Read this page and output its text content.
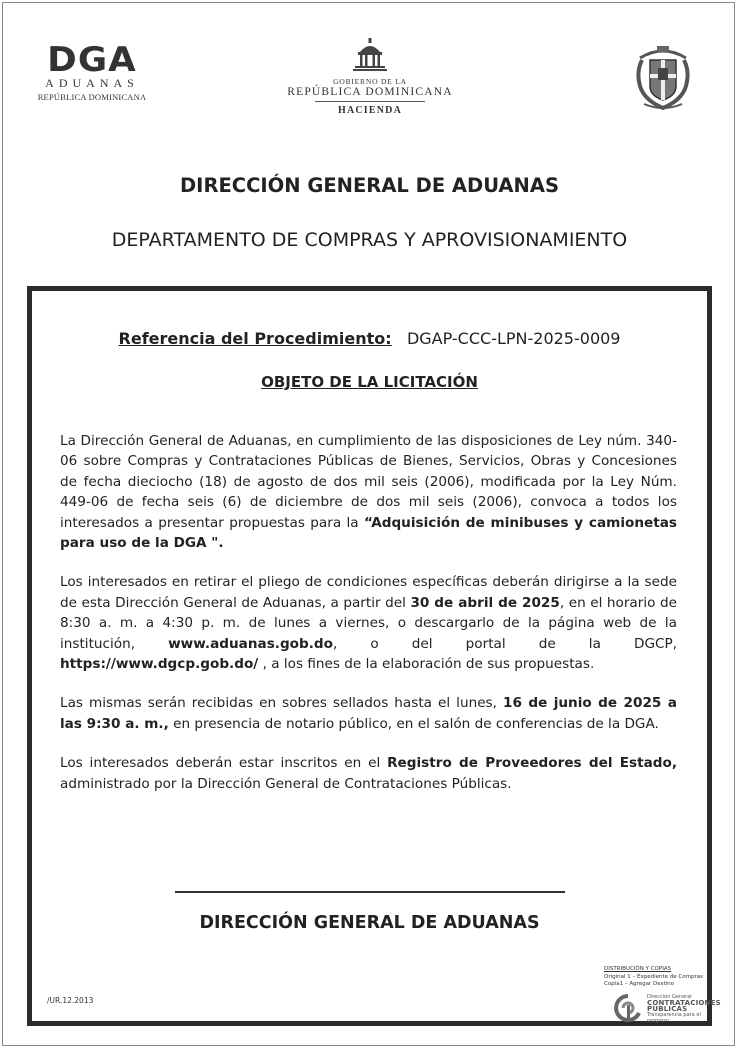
DGA
ADUANAS
REPÚBLICA DOMINICANA
GOBIERNO DE LA
REPÚBLICA DOMINICANA
HACIENDA
DIRECCIÓN GENERAL DE ADUANAS
DEPARTAMENTO DE COMPRAS Y APROVISIONAMIENTO
Referencia del Procedimiento: DGAP-CCC-LPN-2025-0009
OBJETO DE LA LICITACIÓN

La Dirección General de Aduanas, en cumplimiento de las disposiciones de Ley núm. 340-06 sobre Compras y Contrataciones Públicas de Bienes, Servicios, Obras y Concesiones de fecha dieciocho (18) de agosto de dos mil seis (2006), modificada por la Ley Núm. 449-06 de fecha seis (6) de diciembre de dos mil seis (2006), convoca a todos los interesados a presentar propuestas para la “Adquisición de minibuses y camionetas para uso de la DGA ".

Los interesados en retirar el pliego de condiciones específicas deberán dirigirse a la sede de esta Dirección General de Aduanas, a partir del 30 de abril de 2025, en el horario de 8:30 a. m. a 4:30 p. m. de lunes a viernes, o descargarlo de la página web de la institución, www.aduanas.gob.do, o del portal de la DGCP, https://www.dgcp.gob.do/ , a los fines de la elaboración de sus propuestas.

Las mismas serán recibidas en sobres sellados hasta el lunes, 16 de junio de 2025 a las 9:30 a. m., en presencia de notario público, en el salón de conferencias de la DGA.

Los interesados deberán estar inscritos en el Registro de Proveedores del Estado, administrado por la Dirección General de Contrataciones Públicas.

DIRECCIÓN GENERAL DE ADUANAS
/UR.12.2013
DISTRIBUCIÓN Y COPIAS
Original 1 – Expediente de Compras
Copia1 – Agregar Destino
Dirección General
CONTRATACIONES
PÚBLICAS
Transparencia para el progreso
